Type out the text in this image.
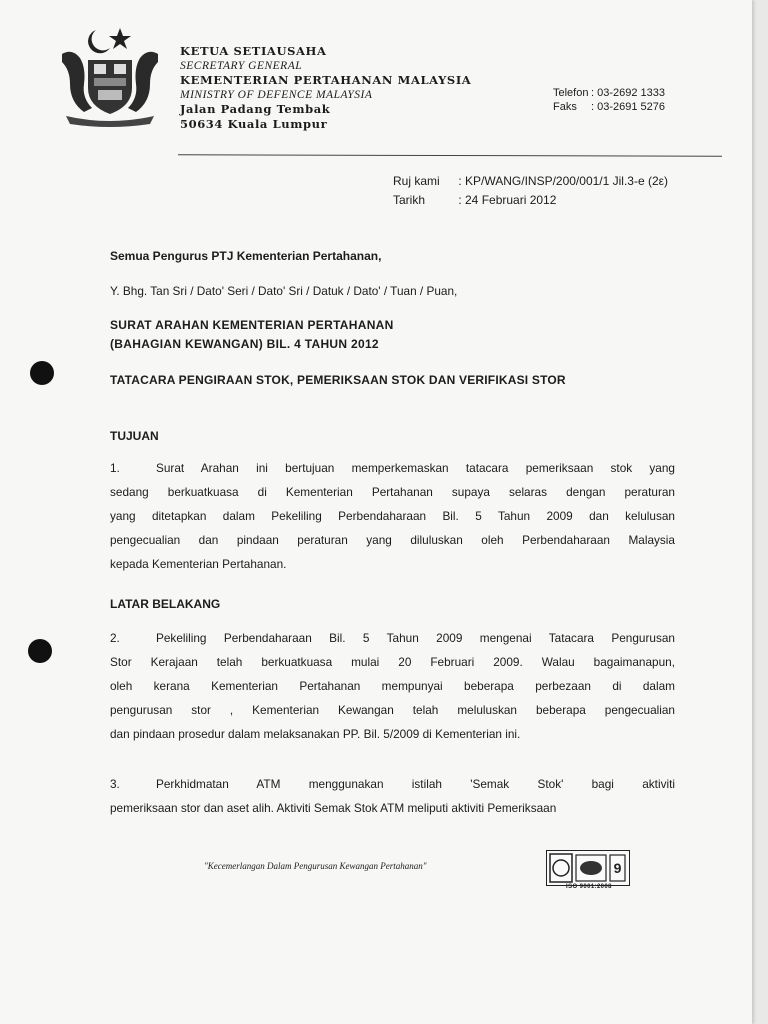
KETUA SETIAUSAHA
SECRETARY GENERAL
KEMENTERIAN PERTAHANAN MALAYSIA
MINISTRY OF DEFENCE MALAYSIA
Jalan Padang Tembak
50634 Kuala Lumpur
Telefon : 03-2692 1333
Faks	: 03-2691 5276
Ruj kami : KP/WANG/INSP/200/001/1 Jil.3-e (2ε)
Tarikh	: 24 Februari 2012
Semua Pengurus PTJ Kementerian Pertahanan,
Y. Bhg. Tan Sri / Dato' Seri / Dato' Sri / Datuk / Dato' / Tuan / Puan,
SURAT ARAHAN KEMENTERIAN PERTAHANAN
(BAHAGIAN KEWANGAN) BIL. 4 TAHUN 2012
TATACARA PENGIRAAN STOK, PEMERIKSAAN STOK DAN VERIFIKASI STOR
TUJUAN

1.	Surat Arahan ini bertujuan memperkemaskan tatacara pemeriksaan stok yang

sedang berkuatkuasa di Kementerian Pertahanan supaya selaras dengan peraturan

yang ditetapkan dalam Pekeliling Perbendaharaan Bil. 5 Tahun 2009 dan kelulusan

pengecualian dan pindaan peraturan yang diluluskan oleh Perbendaharaan Malaysia

kepada Kementerian Pertahanan.

LATAR BELAKANG

2.	Pekeliling Perbendaharaan Bil. 5 Tahun 2009 mengenai Tatacara Pengurusan

Stor Kerajaan telah berkuatkuasa mulai 20 Februari 2009. Walau bagaimanapun,

oleh kerana Kementerian Pertahanan mempunyai beberapa perbezaan di dalam

pengurusan stor , Kementerian Kewangan telah meluluskan beberapa pengecualian

dan pindaan prosedur dalam melaksanakan PP. Bil. 5/2009 di Kementerian ini.

3.	Perkhidmatan ATM menggunakan istilah 'Semak Stok' bagi aktiviti

pemeriksaan stor dan aset alih. Aktiviti Semak Stok ATM meliputi aktiviti Pemeriksaan

"Kecemerlangan Dalam Pengurusan Kewangan Pertahanan"	9
ISO 9001:2008
